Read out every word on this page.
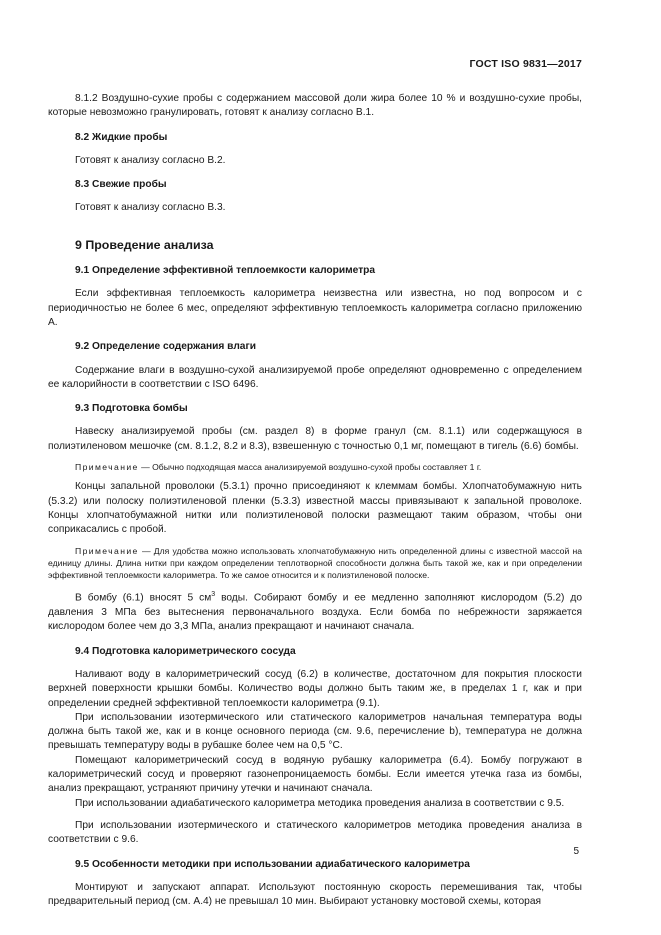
ГОСТ ISO 9831—2017

8.1.2 Воздушно-сухие пробы с содержанием массовой доли жира более 10 % и воздушно-сухие пробы, которые невозможно гранулировать, готовят к анализу согласно В.1.

8.2 Жидкие пробы

Готовят к анализу согласно В.2.

8.3 Свежие пробы

Готовят к анализу согласно В.3.

9 Проведение анализа

9.1 Определение эффективной теплоемкости калориметра

Если эффективная теплоемкость калориметра неизвестна или известна, но под вопросом и с периодичностью не более 6 мес, определяют эффективную теплоемкость калориметра согласно приложению А.

9.2 Определение содержания влаги

Содержание влаги в воздушно-сухой анализируемой пробе определяют одновременно с определением ее калорийности в соответствии с ISO 6496.

9.3 Подготовка бомбы

Навеску анализируемой пробы (см. раздел 8) в форме гранул (см. 8.1.1) или содержащуюся в полиэтиленовом мешочке (см. 8.1.2, 8.2 и 8.3), взвешенную с точностью 0,1 мг, помещают в тигель (6.6) бомбы.

Примечание — Обычно подходящая масса анализируемой воздушно-сухой пробы составляет 1 г.

Концы запальной проволоки (5.3.1) прочно присоединяют к клеммам бомбы. Хлопчатобумажную нить (5.3.2) или полоску полиэтиленовой пленки (5.3.3) известной массы привязывают к запальной проволоке. Концы хлопчатобумажной нитки или полиэтиленовой полоски размещают таким образом, чтобы они соприкасались с пробой.

Примечание — Для удобства можно использовать хлопчатобумажную нить определенной длины с известной массой на единицу длины. Длина нитки при каждом определении теплотворной способности должна быть такой же, как и при определении эффективной теплоемкости калориметра. То же самое относится и к полиэтиленовой полоске.

В бомбу (6.1) вносят 5 $см^3$ воды. Собирают бомбу и ее медленно заполняют кислородом (5.2) до давления 3 МПа без вытеснения первоначального воздуха. Если бомба по небрежности заряжается кислородом более чем до 3,3 МПа, анализ прекращают и начинают сначала.

9.4 Подготовка калориметрического сосуда

Наливают воду в калориметрический сосуд (6.2) в количестве, достаточном для покрытия плоскости верхней поверхности крышки бомбы. Количество воды должно быть таким же, в пределах 1 г, как и при определении средней эффективной теплоемкости калориметра (9.1).

При использовании изотермического или статического калориметров начальная температура воды должна быть такой же, как и в конце основного периода (см. 9.6, перечисление b), температура не должна превышать температуру воды в рубашке более чем на 0,5 °С.

Помещают калориметрический сосуд в водяную рубашку калориметра (6.4). Бомбу погружают в калориметрический сосуд и проверяют газонепроницаемость бомбы. Если имеется утечка газа из бомбы, анализ прекращают, устраняют причину утечки и начинают сначала.

При использовании адиабатического калориметра методика проведения анализа в соответствии с 9.5.

При использовании изотермического и статического калориметров методика проведения анализа в соответствии с 9.6.

9.5 Особенности методики при использовании адиабатического калориметра

Монтируют и запускают аппарат. Используют постоянную скорость перемешивания так, чтобы предварительный период (см. А.4) не превышал 10 мин. Выбирают установку мостовой схемы, которая

5
